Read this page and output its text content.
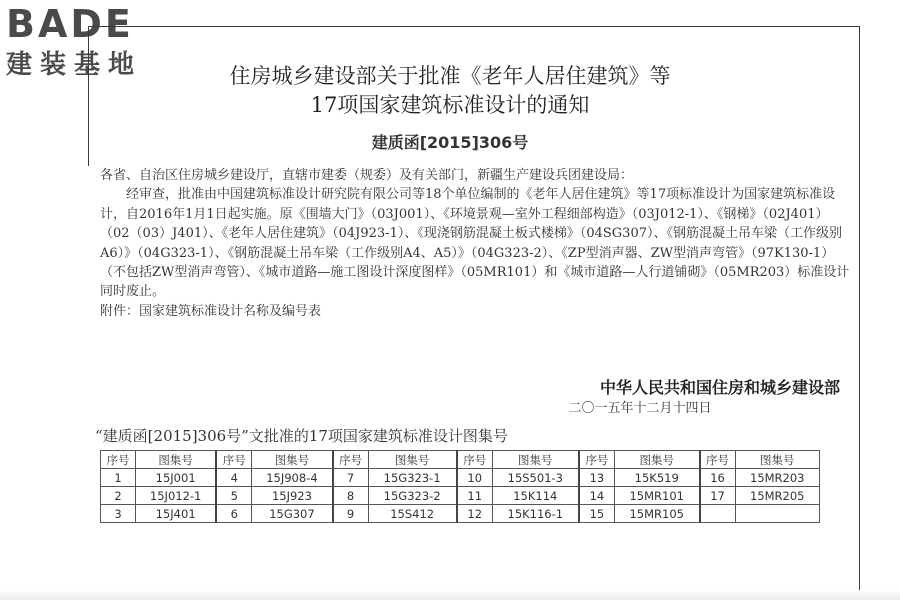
BADE
建装基地	住房城乡建设部关于批准《老年人居住建筑》等
17项国家建筑标准设计的通知
建质函[2015]306号

各省、自治区住房城乡建设厅，直辖市建委（规委）及有关部门，新疆生产建设兵团建设局：

经审查，批准由中国建筑标准设计研究院有限公司等18个单位编制的《老年人居住建筑》等17项标准设计为国家建筑标准设计，自2016年1月1日起实施。原《围墙大门》（03J001）、《环境景观—室外工程细部构造》（03J012-1）、《钢梯》（02J401）（02（03）J401）、《老年人居住建筑》（04J923-1）、《现浇钢筋混凝土板式楼梯》（04SG307）、《钢筋混凝土吊车梁（工作级别A6）》（04G323-1）、《钢筋混凝土吊车梁（工作级别A4、A5）》（04G323-2）、《ZP型消声器、ZW型消声弯管》（97K130-1）（不包括ZW型消声弯管）、《城市道路—施工图设计深度图样》（05MR101）和《城市道路—人行道铺砌》（05MR203）标准设计同时废止。

附件：国家建筑标准设计名称及编号表

中华人民共和国住房和城乡建设部
二〇一五年十二月十四日
“建质函[2015]306号”文批准的17项国家建筑标准设计图集号
序号	图集号	序号	图集号	序号	图集号	序号	图集号	序号	图集号	序号	图集号
1	15J001	4	15J908-4	7	15G323-1	10	15S501-3	13	15K519	16	15MR203
2	15J012-1	5	15J923	8	15G323-2	11	15K114	14	15MR101	17	15MR205
3	15J401	6	15G307	9	15S412	12	15K116-1	15	15MR105		
